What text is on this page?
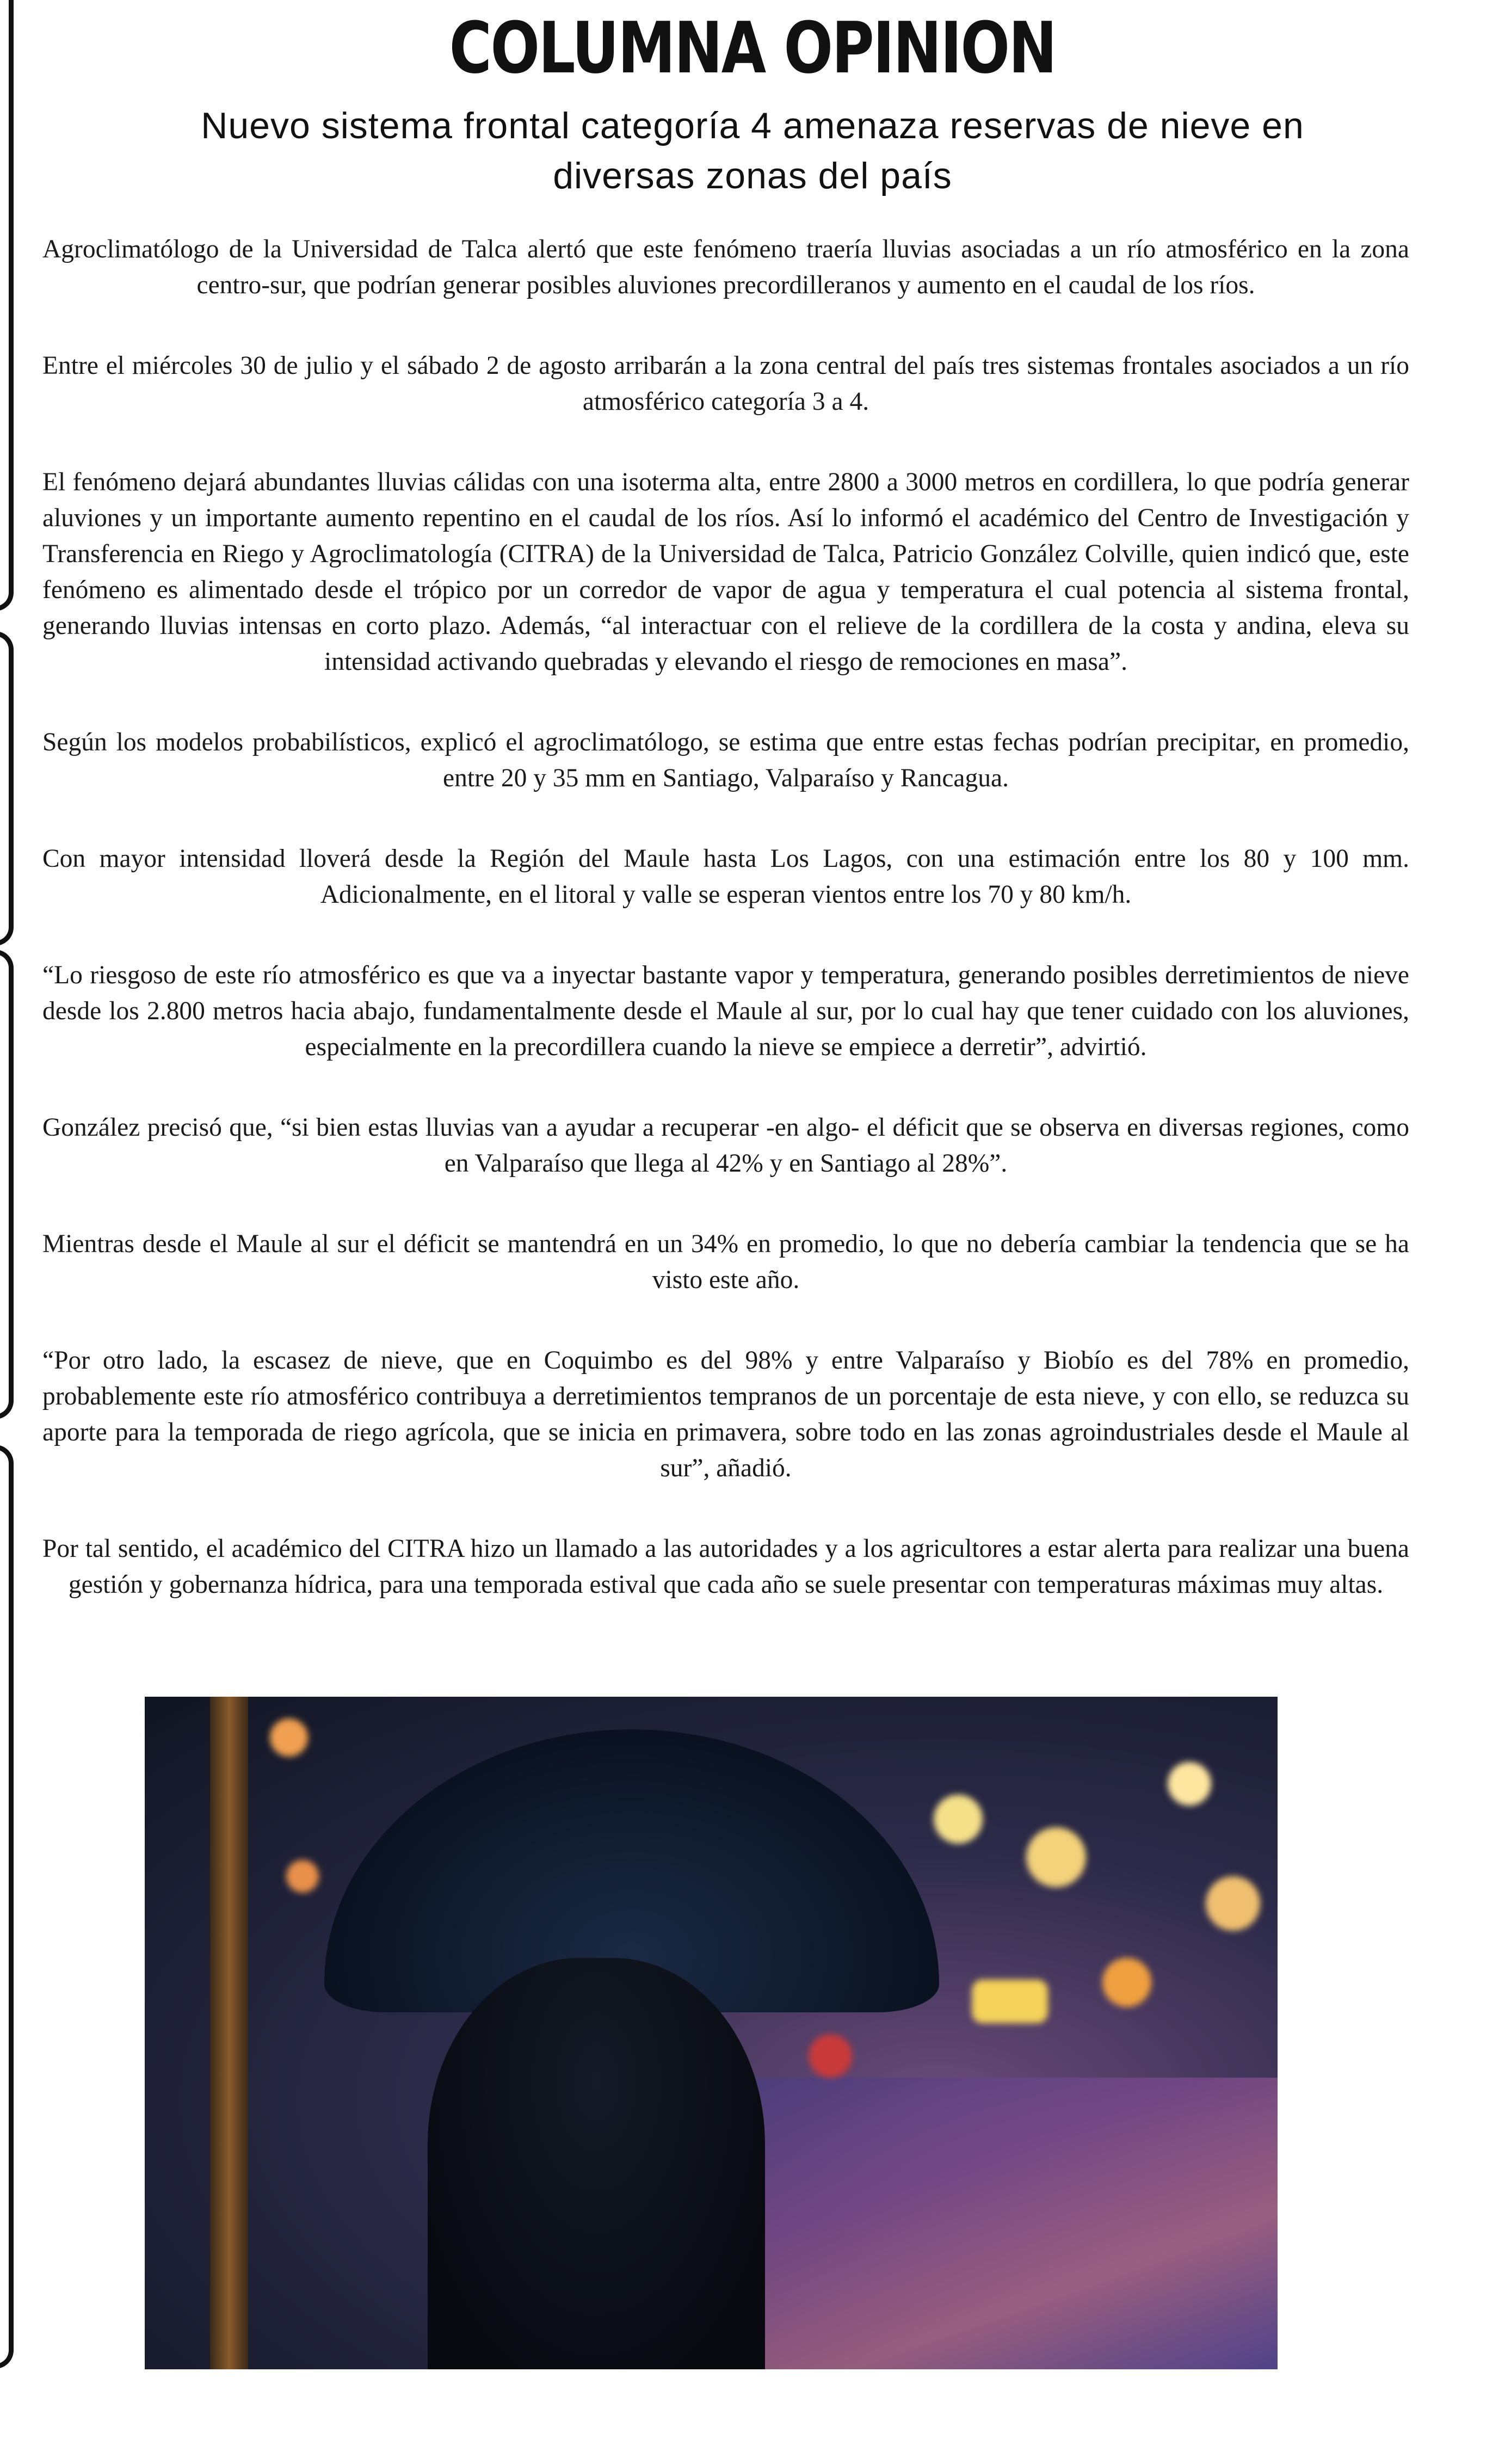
COLUMNA OPINION
Nuevo sistema frontal categoría 4 amenaza reservas de nieve en diversas zonas del país

Agroclimatólogo de la Universidad de Talca alertó que este fenómeno traería lluvias asociadas a un río atmosférico en la zona centro-sur, que podrían generar posibles aluviones precordilleranos y aumento en el caudal de los ríos.

Entre el miércoles 30 de julio y el sábado 2 de agosto arribarán a la zona central del país tres sistemas frontales asociados a un río atmosférico categoría 3 a 4.

El fenómeno dejará abundantes lluvias cálidas con una isoterma alta, entre 2800 a 3000 metros en cordillera, lo que podría generar aluviones y un importante aumento repentino en el caudal de los ríos. Así lo informó el académico del Centro de Investigación y Transferencia en Riego y Agroclimatología (CITRA) de la Universidad de Talca, Patricio González Colville, quien indicó que, este fenómeno es alimentado desde el trópico por un corredor de vapor de agua y temperatura el cual potencia al sistema frontal, generando lluvias intensas en corto plazo. Además, “al interactuar con el relieve de la cordillera de la costa y andina, eleva su intensidad activando quebradas y elevando el riesgo de remociones en masa”.

Según los modelos probabilísticos, explicó el agroclimatólogo, se estima que entre estas fechas podrían precipitar, en promedio, entre 20 y 35 mm en Santiago, Valparaíso y Rancagua.

Con mayor intensidad lloverá desde la Región del Maule hasta Los Lagos, con una estimación entre los 80 y 100 mm. Adicionalmente, en el litoral y valle se esperan vientos entre los 70 y 80 km/h.

“Lo riesgoso de este río atmosférico es que va a inyectar bastante vapor y temperatura, generando posibles derretimientos de nieve desde los 2.800 metros hacia abajo, fundamentalmente desde el Maule al sur, por lo cual hay que tener cuidado con los aluviones, especialmente en la precordillera cuando la nieve se empiece a derretir”, advirtió.

González precisó que, “si bien estas lluvias van a ayudar a recuperar -en algo- el déficit que se observa en diversas regiones, como en Valparaíso que llega al 42% y en Santiago al 28%”.

Mientras desde el Maule al sur el déficit se mantendrá en un 34% en promedio, lo que no debería cambiar la tendencia que se ha visto este año.

“Por otro lado, la escasez de nieve, que en Coquimbo es del 98% y entre Valparaíso y Biobío es del 78% en promedio, probablemente este río atmosférico contribuya a derretimientos tempranos de un porcentaje de esta nieve, y con ello, se reduzca su aporte para la temporada de riego agrícola, que se inicia en primavera, sobre todo en las zonas agroindustriales desde el Maule al sur”, añadió.

Por tal sentido, el académico del CITRA hizo un llamado a las autoridades y a los agricultores a estar alerta para realizar una buena gestión y gobernanza hídrica, para una temporada estival que cada año se suele presentar con temperaturas máximas muy altas.
